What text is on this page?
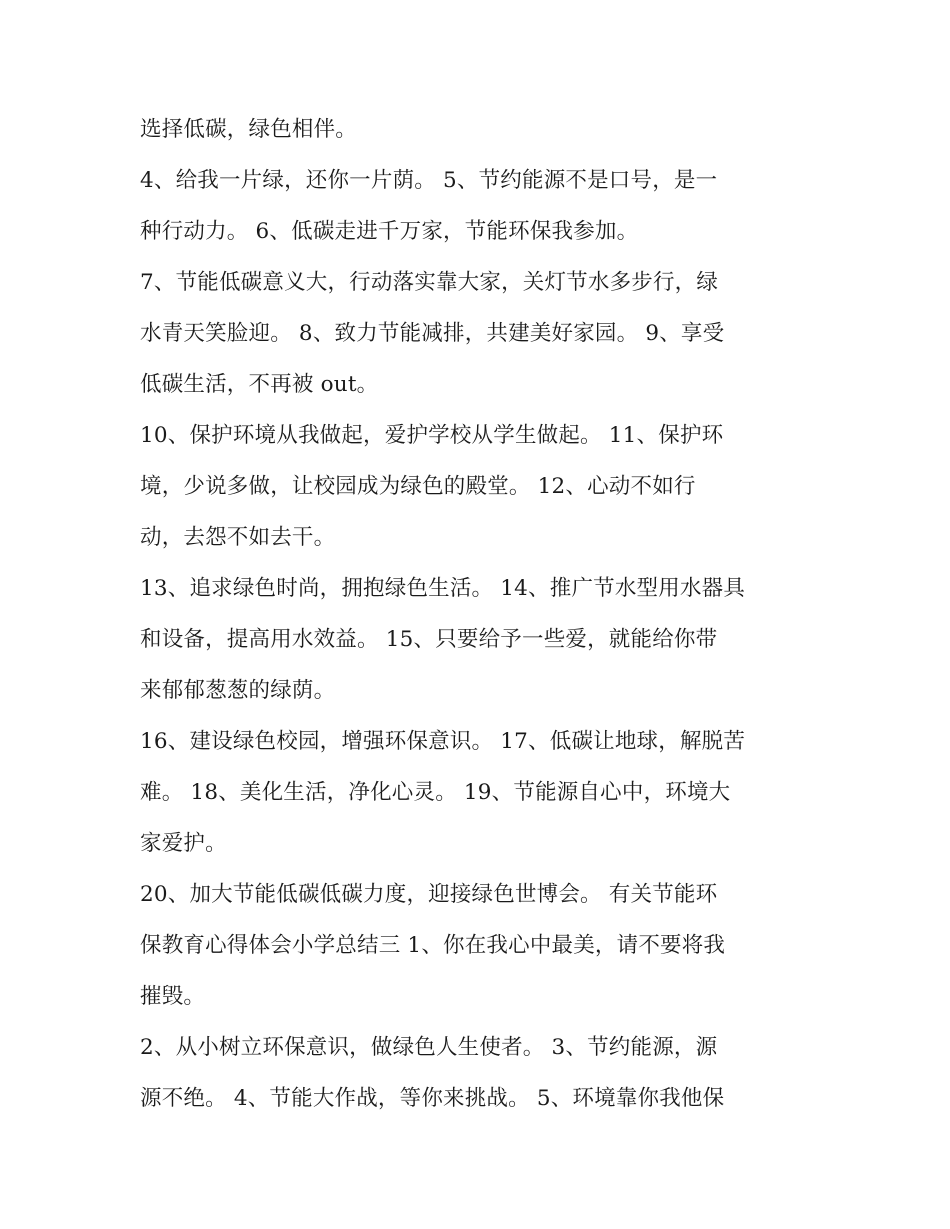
选择低碳，绿色相伴。
4、给我一片绿，还你一片荫。 5、节约能源不是口号，是一
种行动力。 6、低碳走进千万家，节能环保我参加。
7、节能低碳意义大，行动落实靠大家，关灯节水多步行，绿
水青天笑脸迎。 8、致力节能减排，共建美好家园。 9、享受
低碳生活，不再被 out。
10、保护环境从我做起，爱护学校从学生做起。 11、保护环
境，少说多做，让校园成为绿色的殿堂。 12、心动不如行
动，去怨不如去干。
13、追求绿色时尚，拥抱绿色生活。 14、推广节水型用水器具
和设备，提高用水效益。 15、只要给予一些爱，就能给你带
来郁郁葱葱的绿荫。
16、建设绿色校园，增强环保意识。 17、低碳让地球，解脱苦
难。 18、美化生活，净化心灵。 19、节能源自心中，环境大
家爱护。
20、加大节能低碳低碳力度，迎接绿色世博会。 有关节能环
保教育心得体会小学总结三 1、你在我心中最美，请不要将我
摧毁。
2、从小树立环保意识，做绿色人生使者。 3、节约能源，源
源不绝。 4、节能大作战，等你来挑战。 5、环境靠你我他保
